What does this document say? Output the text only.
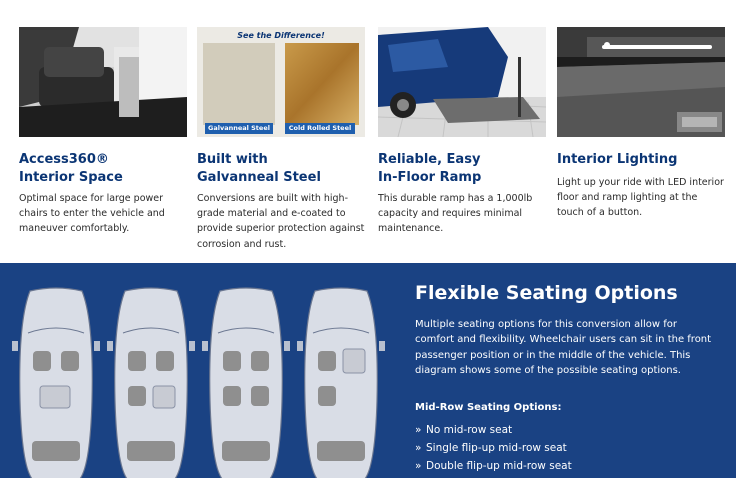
Access360®
Interior Space
Optimal space for large power chairs to enter the vehicle and maneuver comfortably.
See the Difference!
Galvanneal Steel	Cold Rolled Steel
Built with
Galvanneal Steel
Conversions are built with high-grade material and e-coated to provide superior protection against corrosion and rust.
Reliable, Easy
In-Floor Ramp
This durable ramp has a 1,000lb capacity and requires minimal maintenance.
Interior Lighting
Light up your ride with LED interior floor and ramp lighting at the touch of a button.
Flexible Seating Options
Multiple seating options for this conversion allow for comfort and flexibility. Wheelchair users can sit in the front passenger position or in the middle of the vehicle. This diagram shows some of the possible seating options.
Mid-Row Seating Options:
» No mid-row seat
» Single flip-up mid-row seat
» Double flip-up mid-row seat
